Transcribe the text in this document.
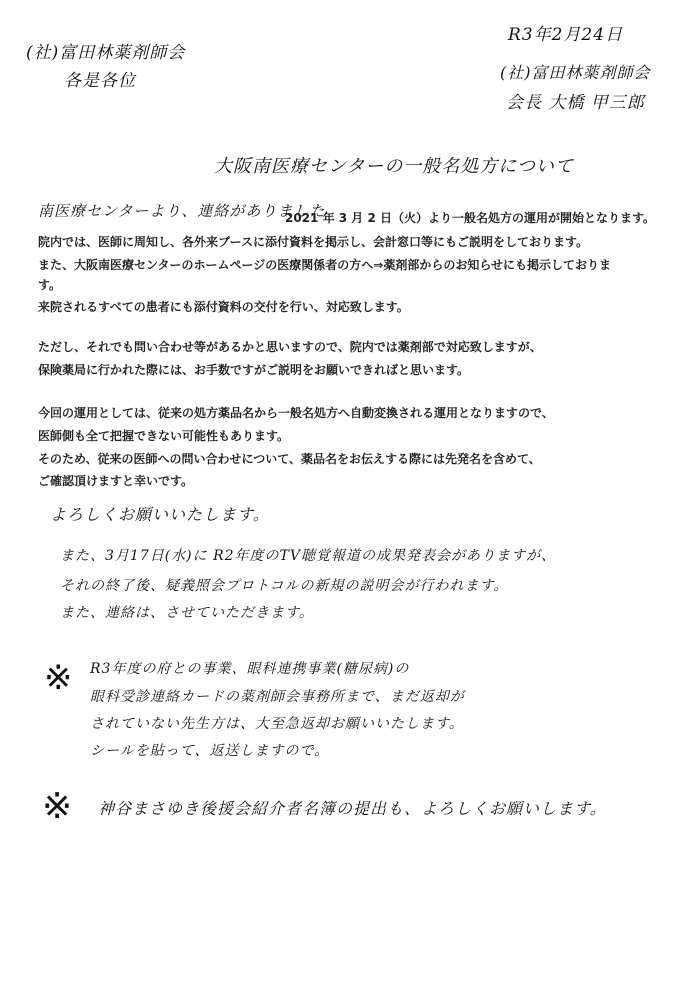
(社)富田林薬剤師会
各是各位
R3年2月24日
(社)富田林薬剤師会
会長 大橋 甲三郎
大阪南医療センターの一般名処方について
南医療センターより、連絡がありました
2021 年 3 月 2 日（火）より一般名処方の運用が開始となります。
院内では、医師に周知し、各外来ブースに添付資料を掲示し、会計窓口等にもご説明をしております。
また、大阪南医療センターのホームページの医療関係者の方へ⇒薬剤部からのお知らせにも掲示しておりま
す。
来院されるすべての患者にも添付資料の交付を行い、対応致します。
ただし、それでも問い合わせ等があるかと思いますので、院内では薬剤部で対応致しますが、
保険薬局に行かれた際には、お手数ですがご説明をお願いできればと思います。
今回の運用としては、従来の処方薬品名から一般名処方へ自動変換される運用となりますので、
医師側も全て把握できない可能性もあります。
そのため、従来の医師への問い合わせについて、薬品名をお伝えする際には先発名を含めて、
ご確認頂けますと幸いです。
よろしくお願いいたします。
また、3月17日(水)に R2年度のTV聴覚報道の成果発表会がありますが、
それの終了後、疑義照会プロトコルの新規の説明会が行われます。
また、連絡は、させていただきます。
※ R3年度の府との事業、眼科連携事業(糖尿病)の
眼科受診連絡カードの薬剤師会事務所まで、まだ返却が
されていない先生方は、大至急返却お願いいたします。
シールを貼って、返送しますので。
※ 神谷まさゆき後援会紹介者名簿の提出も、よろしくお願いします。
